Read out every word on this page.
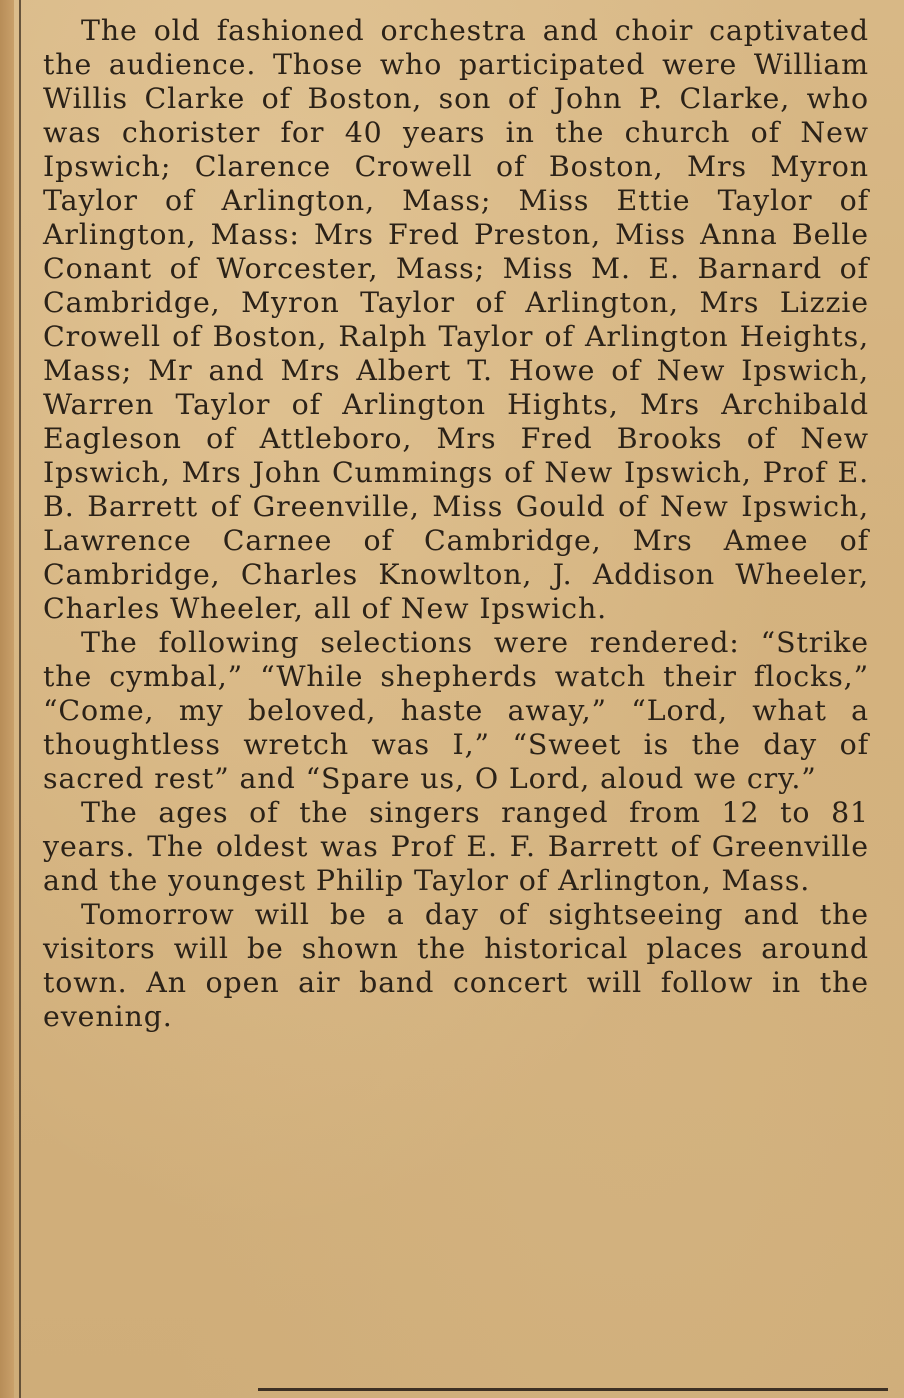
The old fashioned orchestra and choir captivated the audience. Those who participated were William Willis Clarke of Boston, son of John P. Clarke, who was chorister for 40 years in the church of New Ipswich; Clarence Crowell of Boston, Mrs Myron Taylor of Arlington, Mass; Miss Ettie Taylor of Arlington, Mass: Mrs Fred Preston, Miss Anna Belle Conant of Worcester, Mass; Miss M. E. Barnard of Cambridge, Myron Taylor of Arlington, Mrs Lizzie Crowell of Boston, Ralph Taylor of Arlington Heights, Mass; Mr and Mrs Albert T. Howe of New Ipswich, Warren Taylor of Arlington Hights, Mrs Archibald Eagleson of Attleboro, Mrs Fred Brooks of New Ipswich, Mrs John Cummings of New Ipswich, Prof E. B. Barrett of Greenville, Miss Gould of New Ipswich, Lawrence Carnee of Cambridge, Mrs Amee of Cambridge, Charles Knowlton, J. Addison Wheeler, Charles Wheeler, all of New Ipswich.

The following selections were rendered: “Strike the cymbal,” “While shepherds watch their flocks,” “Come, my beloved, haste away,” “Lord, what a thoughtless wretch was I,” “Sweet is the day of sacred rest” and “Spare us, O Lord, aloud we cry.”

The ages of the singers ranged from 12 to 81 years. The oldest was Prof E. F. Barrett of Greenville and the youngest Philip Taylor of Arlington, Mass.

Tomorrow will be a day of sightseeing and the visitors will be shown the historical places around town. An open air band concert will follow in the evening.
